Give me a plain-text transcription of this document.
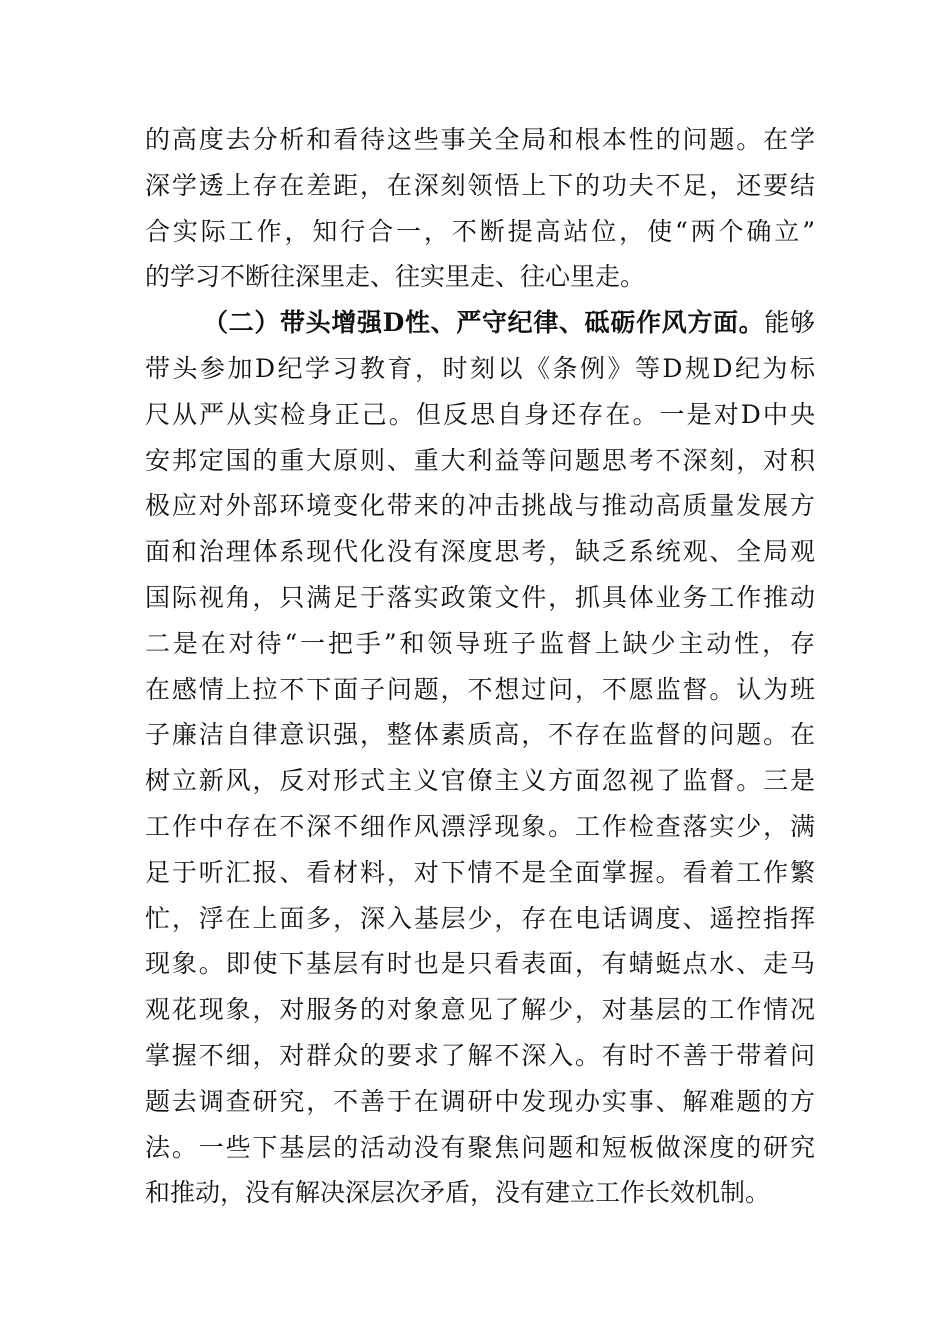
的高度去分析和看待这些事关全局和根本性的问题。在学
深学透上存在差距，在深刻领悟上下的功夫不足，还要结
合实际工作，知行合一，不断提高站位，使“两个确立”
的学习不断往深里走、往实里走、往心里走。
（二）带头增强D性、严守纪律、砥砺作风方面。能够
带头参加D纪学习教育，时刻以《条例》等D规D纪为标
尺从严从实检身正己。但反思自身还存在。一是对D中央
安邦定国的重大原则、重大利益等问题思考不深刻，对积
极应对外部环境变化带来的冲击挑战与推动高质量发展方
面和治理体系现代化没有深度思考，缺乏系统观、全局观
国际视角，只满足于落实政策文件，抓具体业务工作推动
二是在对待“一把手”和领导班子监督上缺少主动性，存
在感情上拉不下面子问题，不想过问，不愿监督。认为班
子廉洁自律意识强，整体素质高，不存在监督的问题。在
树立新风，反对形式主义官僚主义方面忽视了监督。三是
工作中存在不深不细作风漂浮现象。工作检查落实少，满
足于听汇报、看材料，对下情不是全面掌握。看着工作繁
忙，浮在上面多，深入基层少，存在电话调度、遥控指挥
现象。即使下基层有时也是只看表面，有蜻蜓点水、走马
观花现象，对服务的对象意见了解少，对基层的工作情况
掌握不细，对群众的要求了解不深入。有时不善于带着问
题去调查研究，不善于在调研中发现办实事、解难题的方
法。一些下基层的活动没有聚焦问题和短板做深度的研究
和推动，没有解决深层次矛盾，没有建立工作长效机制。
